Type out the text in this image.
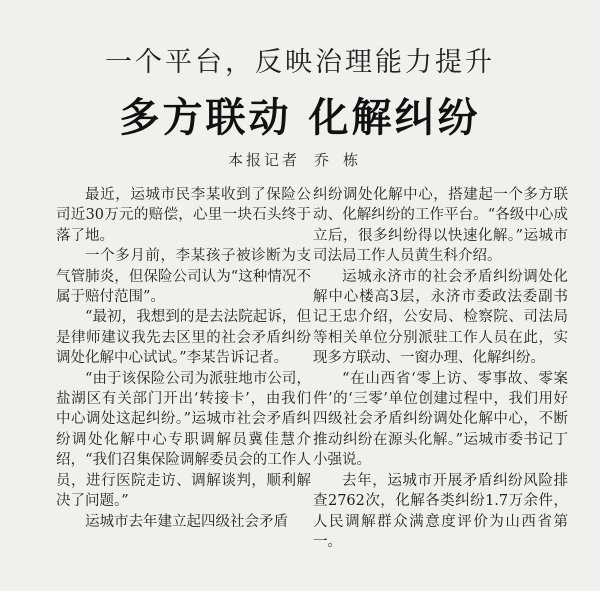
一个平台，反映治理能力提升
多方联动 化解纠纷
本报记者 乔栋

最近，运城市民李某收到了保险公司近30万元的赔偿，心里一块石头终于落了地。

一个多月前，李某孩子被诊断为支气管肺炎，但保险公司认为“这种情况不属于赔付范围”。

“最初，我想到的是去法院起诉，但是律师建议我先去区里的社会矛盾纠纷调处化解中心试试。”李某告诉记者。

“由于该保险公司为派驻地市公司，盐湖区有关部门开出‘转接卡’，由我们中心调处这起纠纷。”运城市社会矛盾纠纷调处化解中心专职调解员冀佳慧介绍，“我们召集保险调解委员会的工作人员，进行医院走访、调解谈判，顺利解决了问题。”

运城市去年建立起四级社会矛盾

纠纷调处化解中心，搭建起一个多方联动、化解纠纷的工作平台。“各级中心成立后，很多纠纷得以快速化解。”运城市司法局工作人员黄生科介绍。

运城永济市的社会矛盾纠纷调处化解中心楼高3层，永济市委政法委副书记王忠介绍，公安局、检察院、司法局等相关单位分别派驻工作人员在此，实现多方联动、一窗办理、化解纠纷。

“在山西省‘零上访、零事故、零案件’的‘三零’单位创建过程中，我们用好四级社会矛盾纠纷调处化解中心，不断推动纠纷在源头化解。”运城市委书记丁小强说。

去年，运城市开展矛盾纠纷风险排查2762次，化解各类纠纷1.7万余件，人民调解群众满意度评价为山西省第一。
